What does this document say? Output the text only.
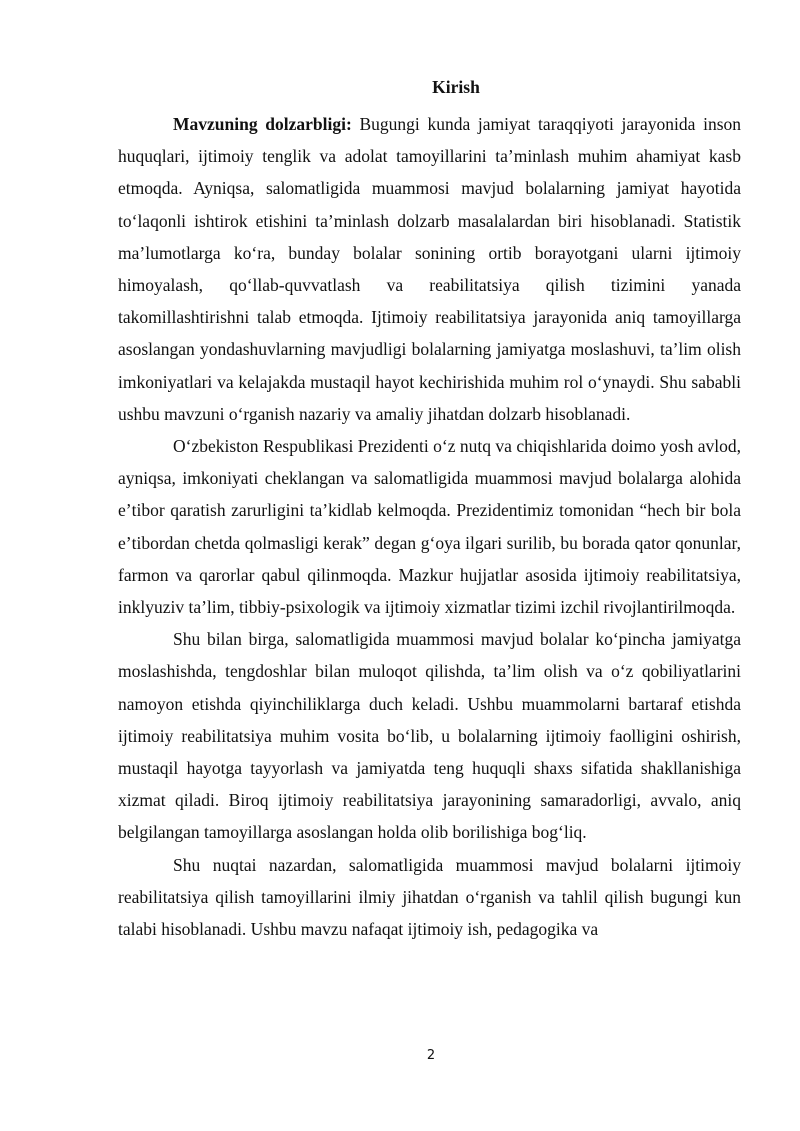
Kirish

Mavzuning dolzarbligi: Bugungi kunda jamiyat taraqqiyoti jarayonida inson huquqlari, ijtimoiy tenglik va adolat tamoyillarini taʼminlash muhim ahamiyat kasb etmoqda. Ayniqsa, salomatligida muammosi mavjud bolalarning jamiyat hayotida toʻlaqonli ishtirok etishini taʼminlash dolzarb masalalardan biri hisoblanadi. Statistik maʼlumotlarga koʻra, bunday bolalar sonining ortib borayotgani ularni ijtimoiy himoyalash, qoʻllab-quvvatlash va reabilitatsiya qilish tizimini yanada takomillashtirishni talab etmoqda. Ijtimoiy reabilitatsiya jarayonida aniq tamoyillarga asoslangan yondashuvlarning mavjudligi bolalarning jamiyatga moslashuvi, taʼlim olish imkoniyatlari va kelajakda mustaqil hayot kechirishida muhim rol oʻynaydi. Shu sababli ushbu mavzuni oʻrganish nazariy va amaliy jihatdan dolzarb hisoblanadi.

Oʻzbekiston Respublikasi Prezidenti oʻz nutq va chiqishlarida doimo yosh avlod, ayniqsa, imkoniyati cheklangan va salomatligida muammosi mavjud bolalarga alohida eʼtibor qaratish zarurligini taʼkidlab kelmoqda. Prezidentimiz tomonidan “hech bir bola eʼtibordan chetda qolmasligi kerak” degan gʻoya ilgari surilib, bu borada qator qonunlar, farmon va qarorlar qabul qilinmoqda. Mazkur hujjatlar asosida ijtimoiy reabilitatsiya, inklyuziv taʼlim, tibbiy-psixologik va ijtimoiy xizmatlar tizimi izchil rivojlantirilmoqda.

Shu bilan birga, salomatligida muammosi mavjud bolalar koʻpincha jamiyatga moslashishda, tengdoshlar bilan muloqot qilishda, taʼlim olish va oʻz qobiliyatlarini namoyon etishda qiyinchiliklarga duch keladi. Ushbu muammolarni bartaraf etishda ijtimoiy reabilitatsiya muhim vosita boʻlib, u bolalarning ijtimoiy faolligini oshirish, mustaqil hayotga tayyorlash va jamiyatda teng huquqli shaxs sifatida shakllanishiga xizmat qiladi. Biroq ijtimoiy reabilitatsiya jarayonining samaradorligi, avvalo, aniq belgilangan tamoyillarga asoslangan holda olib borilishiga bogʻliq.

Shu nuqtai nazardan, salomatligida muammosi mavjud bolalarni ijtimoiy reabilitatsiya qilish tamoyillarini ilmiy jihatdan oʻrganish va tahlil qilish bugungi kun talabi hisoblanadi. Ushbu mavzu nafaqat ijtimoiy ish, pedagogika va

2
